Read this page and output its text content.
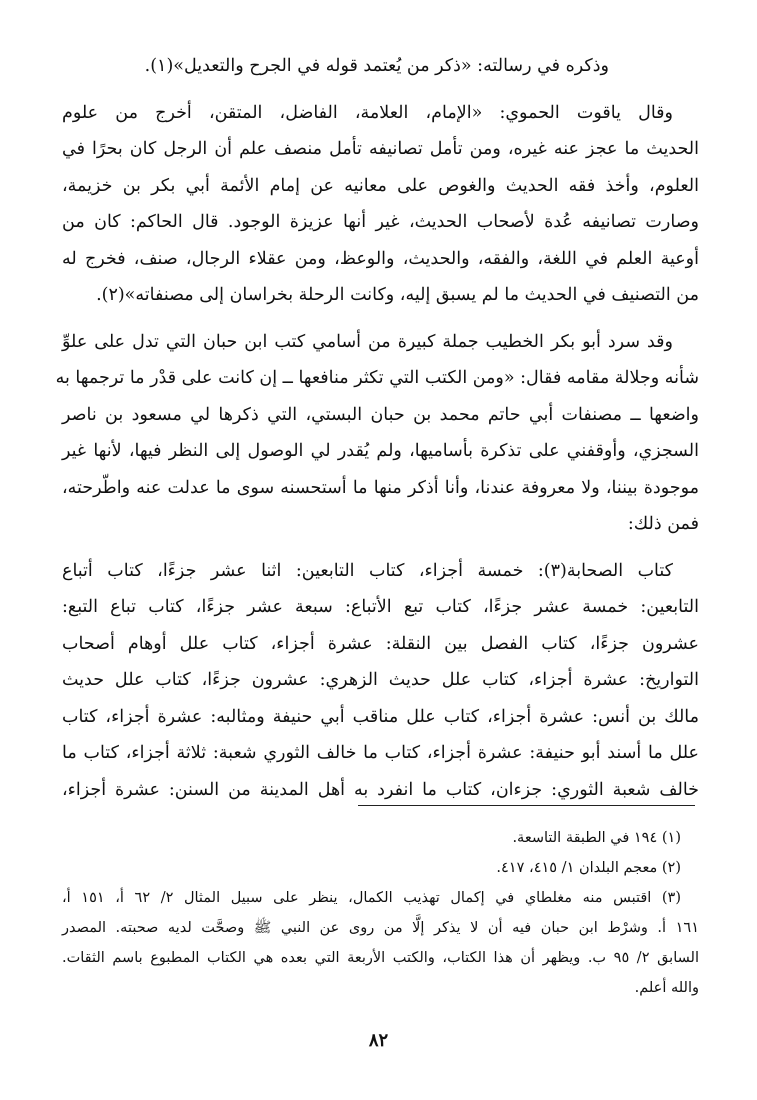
وذكره في رسالته: «ذكر من يُعتمد قوله في الجرح والتعديل»(١).

وقال ياقوت الحموي: «الإمام، العلامة، الفاضل، المتقن، أخرج من علوم
الحديث ما عجز عنه غيره، ومن تأمل تصانيفه تأمل منصف علم أن الرجل كان بحرًا في
العلوم، وأخذ فقه الحديث والغوص على معانيه عن إمام الأئمة أبي بكر بن خزيمة،
وصارت تصانيفه عُدة لأصحاب الحديث، غير أنها عزيزة الوجود. قال الحاكم: كان من
أوعية العلم في اللغة، والفقه، والحديث، والوعظ، ومن عقلاء الرجال، صنف، فخرج له
من التصنيف في الحديث ما لم يسبق إليه، وكانت الرحلة بخراسان إلى مصنفاته»(٢).

وقد سرد أبو بكر الخطيب جملة كبيرة من أسامي كتب ابن حبان التي تدل على علوِّ
شأنه وجلالة مقامه فقال: «ومن الكتب التي تكثر منافعها ــ إن كانت على قدْر ما ترجمها به
واضعها ــ مصنفات أبي حاتم محمد بن حبان البستي، التي ذكرها لي مسعود بن ناصر
السجزي، وأوقفني على تذكرة بأساميها، ولم يُقدر لي الوصول إلى النظر فيها، لأنها غير
موجودة بيننا، ولا معروفة عندنا، وأنا أذكر منها ما أستحسنه سوى ما عدلت عنه واطّرحته،
فمن ذلك:

كتاب الصحابة(٣): خمسة أجزاء، كتاب التابعين: اثنا عشر جزءًا، كتاب أتباع
التابعين: خمسة عشر جزءًا، كتاب تبع الأتباع: سبعة عشر جزءًا، كتاب تباع التبع:
عشرون جزءًا، كتاب الفصل بين النقلة: عشرة أجزاء، كتاب علل أوهام أصحاب
التواريخ: عشرة أجزاء، كتاب علل حديث الزهري: عشرون جزءًا، كتاب علل حديث
مالك بن أنس: عشرة أجزاء، كتاب علل مناقب أبي حنيفة ومثالبه: عشرة أجزاء، كتاب
علل ما أسند أبو حنيفة: عشرة أجزاء، كتاب ما خالف الثوري شعبة: ثلاثة أجزاء، كتاب ما
خالف شعبة الثوري: جزءان، كتاب ما انفرد به أهل المدينة من السنن: عشرة أجزاء،

(١) ١٩٤ في الطبقة التاسعة.
(٢) معجم البلدان ١/ ٤١٥، ٤١٧.
(٣) اقتبس منه مغلطاي في إكمال تهذيب الكمال، ينظر على سبيل المثال ٢/ ٦٢ أ، ١٥١ أ،
١٦١ أ. وشرْط ابن حبان فيه أن لا يذكر إلَّا من روى عن النبي ﷺ وصحَّت لديه صحبته. المصدر
السابق ٢/ ٩٥ ب. ويظهر أن هذا الكتاب، والكتب الأربعة التي بعده هي الكتاب المطبوع باسم الثقات.
والله أعلم.
٨٢
